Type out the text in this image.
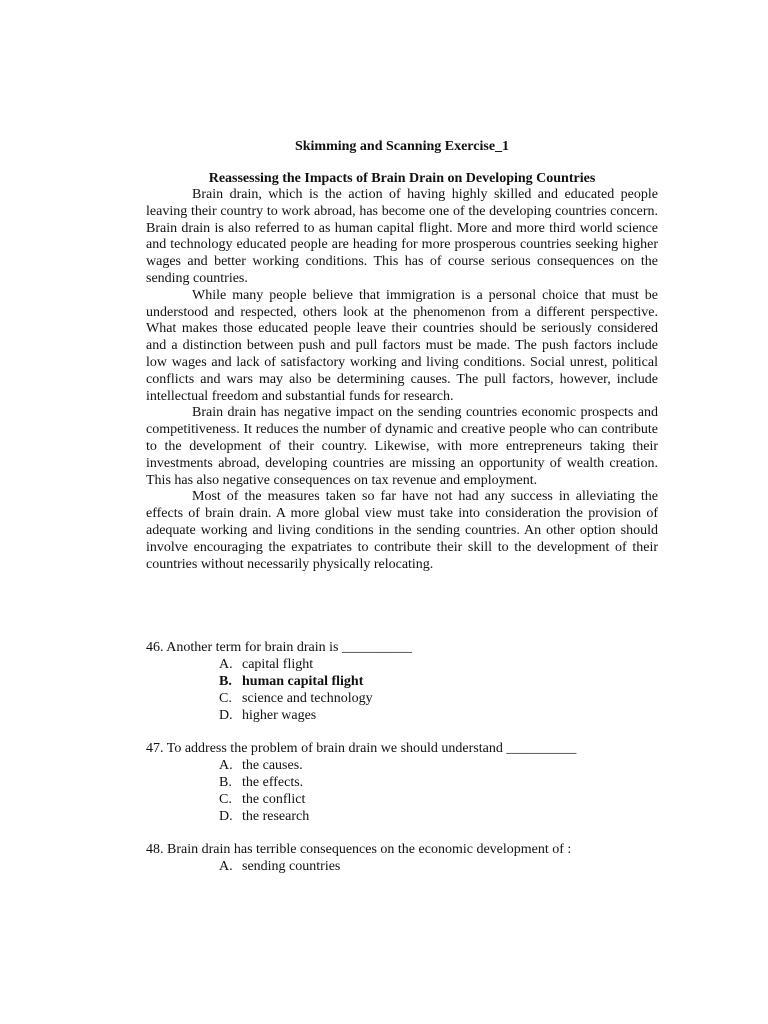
Skimming and Scanning Exercise_1

Reassessing the Impacts of Brain Drain on Developing Countries

Brain drain, which is the action of having highly skilled and educated people leaving their country to work abroad, has become one of the developing countries concern. Brain drain is also referred to as human capital flight. More and more third world science and technology educated people are heading for more prosperous countries seeking higher wages and better working conditions. This has of course serious consequences on the sending countries.

While many people believe that immigration is a personal choice that must be understood and respected, others look at the phenomenon from a different perspective. What makes those educated people leave their countries should be seriously considered and a distinction between push and pull factors must be made. The push factors include low wages and lack of satisfactory working and living conditions. Social unrest, political conflicts and wars may also be determining causes. The pull factors, however, include intellectual freedom and substantial funds for research.

Brain drain has negative impact on the sending countries economic prospects and competitiveness. It reduces the number of dynamic and creative people who can contribute to the development of their country. Likewise, with more entrepreneurs taking their investments abroad, developing countries are missing an opportunity of wealth creation. This has also negative consequences on tax revenue and employment.

Most of the measures taken so far have not had any success in alleviating the effects of brain drain. A more global view must take into consideration the provision of adequate working and living conditions in the sending countries. An other option should involve encouraging the expatriates to contribute their skill to the development of their countries without necessarily physically relocating.

46. Another term for brain drain is __________

A. capital flight
B. human capital flight
C. science and technology
D. higher wages

47. To address the problem of brain drain we should understand __________

A. the causes.
B. the effects.
C. the conflict
D. the research

48. Brain drain has terrible consequences on the economic development of :

A. sending countries
